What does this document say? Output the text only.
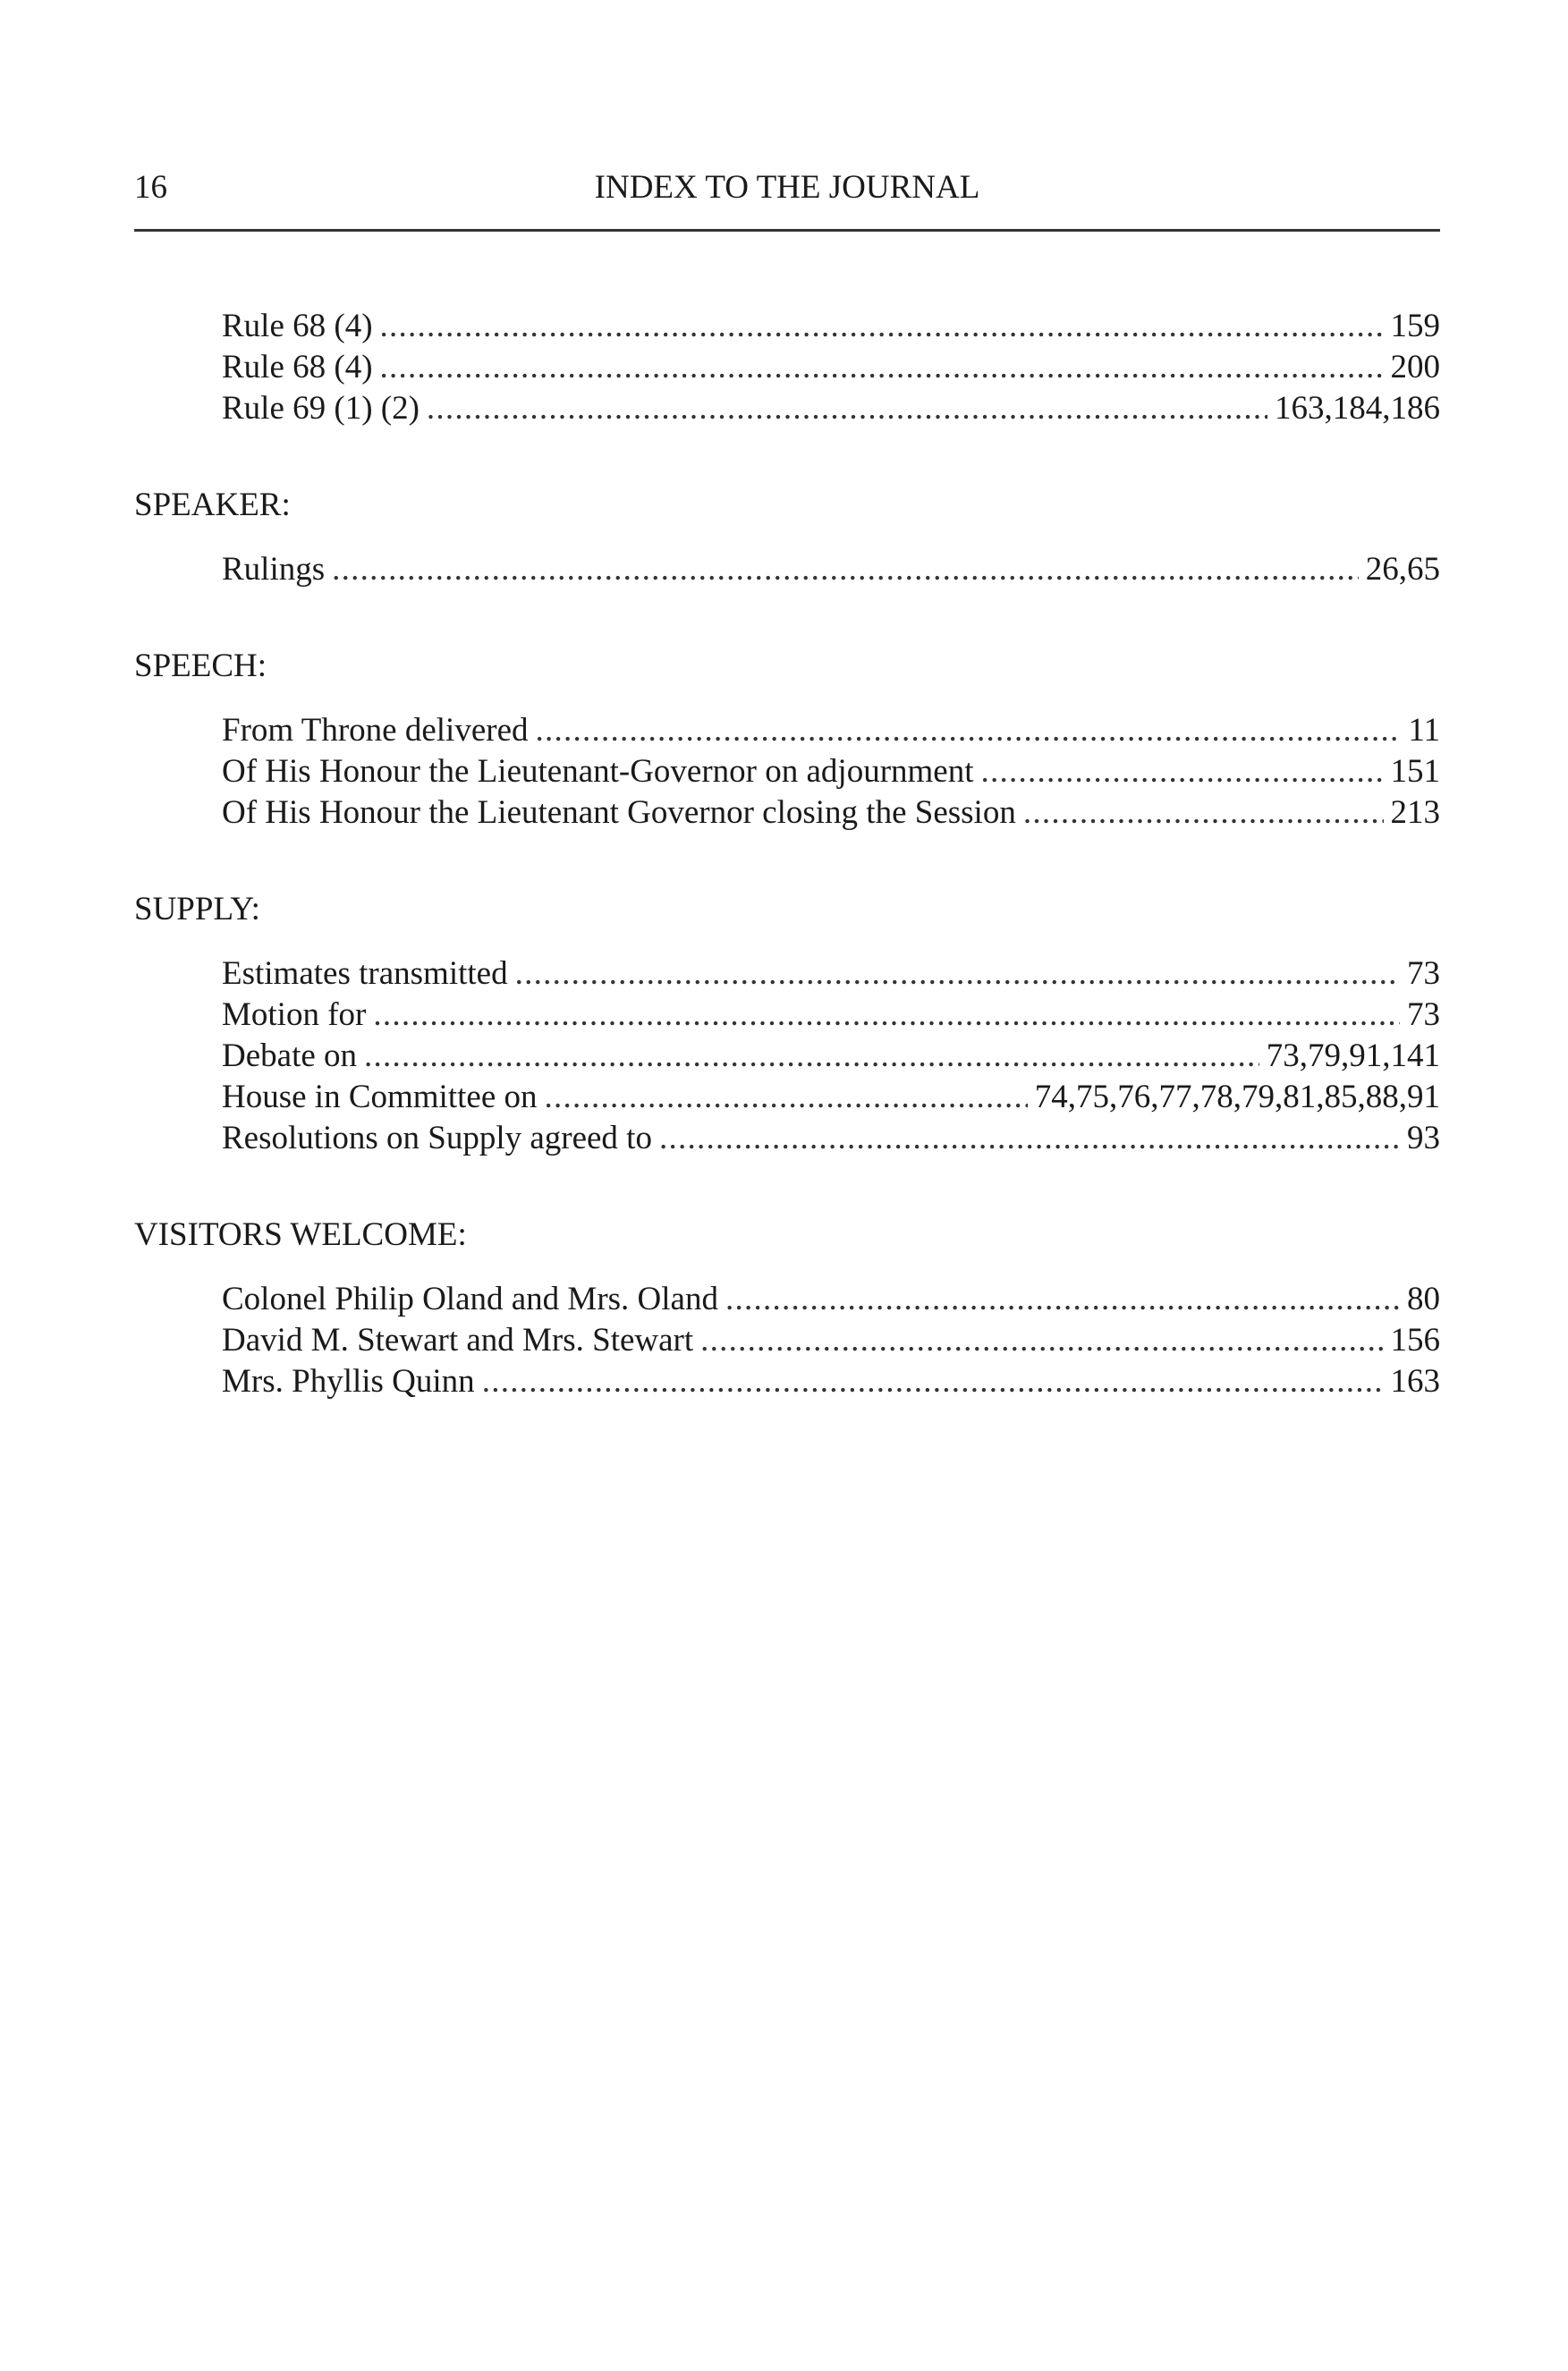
16	INDEX TO THE JOURNAL
Rule 68 (4) . . .	159
Rule 68 (4) . . .	200
Rule 69 (1) (2) . . .	163,184,186
SPEAKER:
Rulings . . .	26,65
SPEECH:
From Throne delivered . . .	11
Of His Honour the Lieutenant-Governor on adjournment . . .	151
Of His Honour the Lieutenant Governor closing the Session . . .	213
SUPPLY:
Estimates transmitted . . .	73
Motion for . . .	73
Debate on . . .	73,79,91,141
House in Committee on . . .	74,75,76,77,78,79,81,85,88,91
Resolutions on Supply agreed to . . .	93
VISITORS WELCOME:
Colonel Philip Oland and Mrs. Oland . . .	80
David M. Stewart and Mrs. Stewart . . .	156
Mrs. Phyllis Quinn . . .	163
